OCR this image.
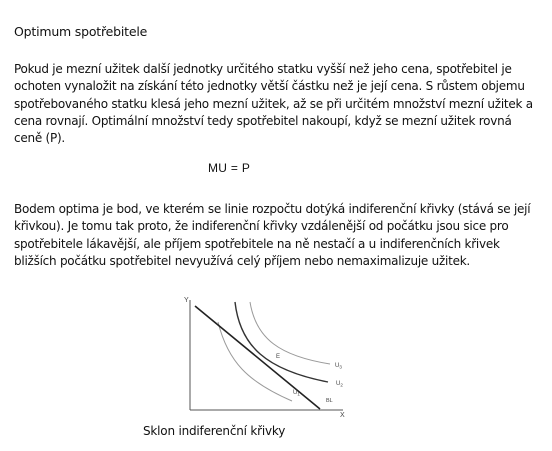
Optimum spotřebitele

Pokud je mezní užitek další jednotky určitého statku vyšší než jeho cena, spotřebitel je ochoten vynaložit na získání této jednotky větší částku než je její cena. S růstem objemu spotřebovaného statku klesá jeho mezní užitek, až se při určitém množství mezní užitek a cena rovnají. Optimální množství tedy spotřebitel nakoupí, když se mezní užitek rovná ceně (P).

MU = P

Bodem optima je bod, ve kterém se linie rozpočtu dotýká indiferenční křivky (stává se její křivkou). Je tomu tak proto, že indiferenční křivky vzdálenější od počátku jsou sice pro spotřebitele lákavější, ale příjem spotřebitele na ně nestačí a u indiferenčních křivek bližších počátku spotřebitel nevyužívá celý příjem nebo nemaximalizuje užitek.

Y
X
E
$U_3$
$U_2$
$U_1$
BL
Sklon indiferenční křivky
